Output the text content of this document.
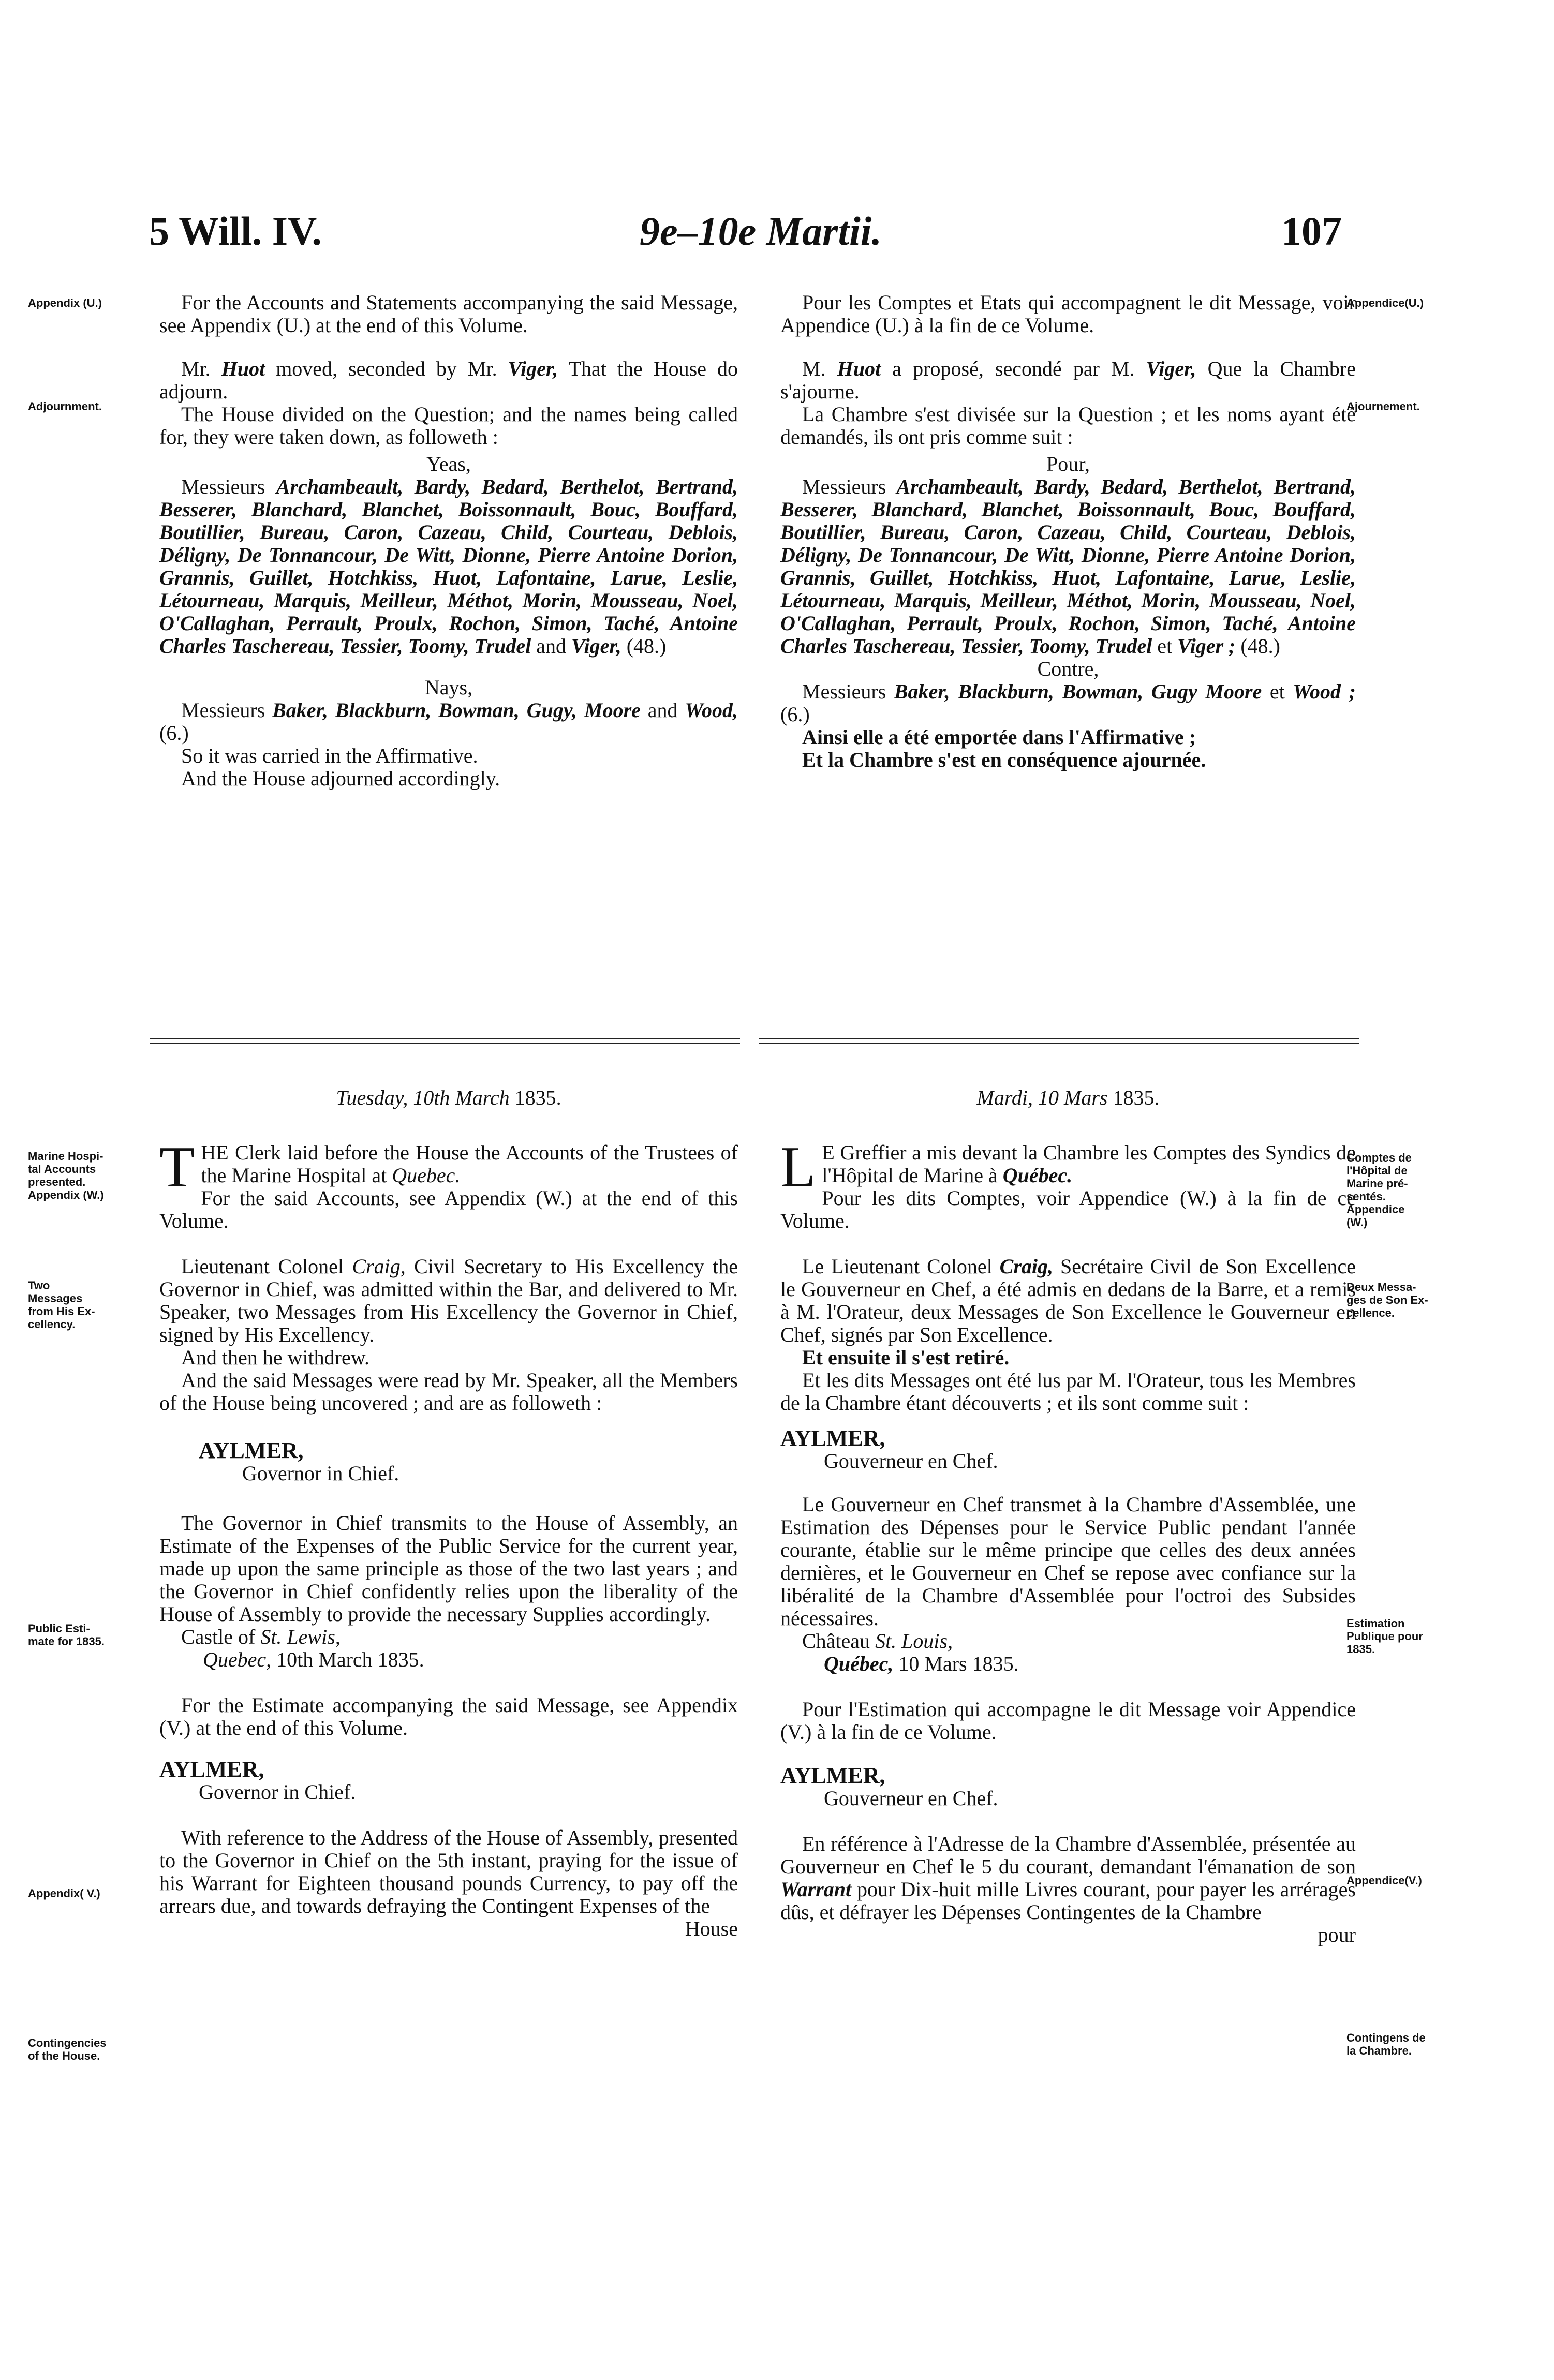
5 Will. IV.	9e–10e Martii.	107
Appendix (U.)
Adjournment.
Marine Hospi-
tal Accounts
presented.
Appendix (W.)
Two Messages
from His Ex-
cellency.
Public Esti-
mate for 1835.
Appendix( V.)
Contingencies
of the House.
Appendice(U.)
Ajournement.
Comptes de
l'Hôpital de
Marine pré-
sentés.
Appendice
(W.)
Deux Messa-
ges de Son Ex-
cellence.
Estimation
Publique pour
1835.
Appendice(V.)
Contingens de
la Chambre.

For the Accounts and Statements accompanying the said Message, see Appendix (U.) at the end of this Volume.

Mr. Huot moved, seconded by Mr. Viger, That the House do adjourn.

The House divided on the Question; and the names being called for, they were taken down, as followeth :

Yeas,

Messieurs Archambeault, Bardy, Bedard, Berthelot, Bertrand, Besserer, Blanchard, Blanchet, Boissonnault, Bouc, Bouffard, Boutillier, Bureau, Caron, Cazeau, Child, Courteau, Deblois, Déligny, De Tonnancour, De Witt, Dionne, Pierre Antoine Dorion, Grannis, Guillet, Hotchkiss, Huot, Lafontaine, Larue, Leslie, Létourneau, Marquis, Meilleur, Méthot, Morin, Mousseau, Noel, O'Callaghan, Perrault, Proulx, Rochon, Simon, Taché, Antoine Charles Taschereau, Tessier, Toomy, Trudel and Viger, (48.)

Nays,

Messieurs Baker, Blackburn, Bowman, Gugy, Moore and Wood, (6.)

So it was carried in the Affirmative.

And the House adjourned accordingly.

Pour les Comptes et Etats qui accompagnent le dit Message, voir Appendice (U.) à la fin de ce Volume.

M. Huot a proposé, secondé par M. Viger, Que la Chambre s'ajourne.

La Chambre s'est divisée sur la Question ; et les noms ayant été demandés, ils ont pris comme suit :

Pour,

Messieurs Archambeault, Bardy, Bedard, Berthelot, Bertrand, Besserer, Blanchard, Blanchet, Boissonnault, Bouc, Bouffard, Boutillier, Bureau, Caron, Cazeau, Child, Courteau, Deblois, Déligny, De Tonnancour, De Witt, Dionne, Pierre Antoine Dorion, Grannis, Guillet, Hotchkiss, Huot, Lafontaine, Larue, Leslie, Létourneau, Marquis, Meilleur, Méthot, Morin, Mousseau, Noel, O'Callaghan, Perrault, Proulx, Rochon, Simon, Taché, Antoine Charles Taschereau, Tessier, Toomy, Trudel et Viger ; (48.)

Contre,

Messieurs Baker, Blackburn, Bowman, Gugy Moore et Wood ; (6.)

Ainsi elle a été emportée dans l'Affirmative ;

Et la Chambre s'est en conséquence ajournée.

Tuesday, 10th March 1835.	Mardi, 10 Mars 1835.

THE Clerk laid before the House the Accounts of the Trustees of the Marine Hospital at Quebec.

For the said Accounts, see Appendix (W.) at the end of this Volume.

Lieutenant Colonel Craig, Civil Secretary to His Excellency the Governor in Chief, was admitted within the Bar, and delivered to Mr. Speaker, two Messages from His Excellency the Governor in Chief, signed by His Excellency.

And then he withdrew.

And the said Messages were read by Mr. Speaker, all the Members of the House being uncovered ; and are as followeth :

AYLMER,

Governor in Chief.

The Governor in Chief transmits to the House of Assembly, an Estimate of the Expenses of the Public Service for the current year, made up upon the same principle as those of the two last years ; and the Governor in Chief confidently relies upon the liberality of the House of Assembly to provide the necessary Supplies accordingly.

Castle of St. Lewis,

Quebec, 10th March 1835.

For the Estimate accompanying the said Message, see Appendix (V.) at the end of this Volume.

AYLMER,

Governor in Chief.

With reference to the Address of the House of Assembly, presented to the Governor in Chief on the 5th instant, praying for the issue of his Warrant for Eighteen thousand pounds Currency, to pay off the arrears due, and towards defraying the Contingent Expenses of the

House

L E Greffier a mis devant la Chambre les Comptes des Syndics de l'Hôpital de Marine à Québec.

Pour les dits Comptes, voir Appendice (W.) à la fin de ce Volume.

Le Lieutenant Colonel Craig, Secrétaire Civil de Son Excellence le Gouverneur en Chef, a été admis en dedans de la Barre, et a remis à M. l'Orateur, deux Messages de Son Excellence le Gouverneur en Chef, signés par Son Excellence.

Et ensuite il s'est retiré.

Et les dits Messages ont été lus par M. l'Orateur, tous les Membres de la Chambre étant découverts ; et ils sont comme suit :

AYLMER,

Gouverneur en Chef.

Le Gouverneur en Chef transmet à la Chambre d'Assemblée, une Estimation des Dépenses pour le Service Public pendant l'année courante, établie sur le même principe que celles des deux années dernières, et le Gouverneur en Chef se repose avec confiance sur la libéralité de la Chambre d'Assemblée pour l'octroi des Subsides nécessaires.

Château St. Louis,

Québec, 10 Mars 1835.

Pour l'Estimation qui accompagne le dit Message voir Appendice (V.) à la fin de ce Volume.

AYLMER,

Gouverneur en Chef.

En référence à l'Adresse de la Chambre d'Assemblée, présentée au Gouverneur en Chef le 5 du courant, demandant l'émanation de son Warrant pour Dix-huit mille Livres courant, pour payer les arrérages dûs, et défrayer les Dépenses Contingentes de la Chambre

pour
